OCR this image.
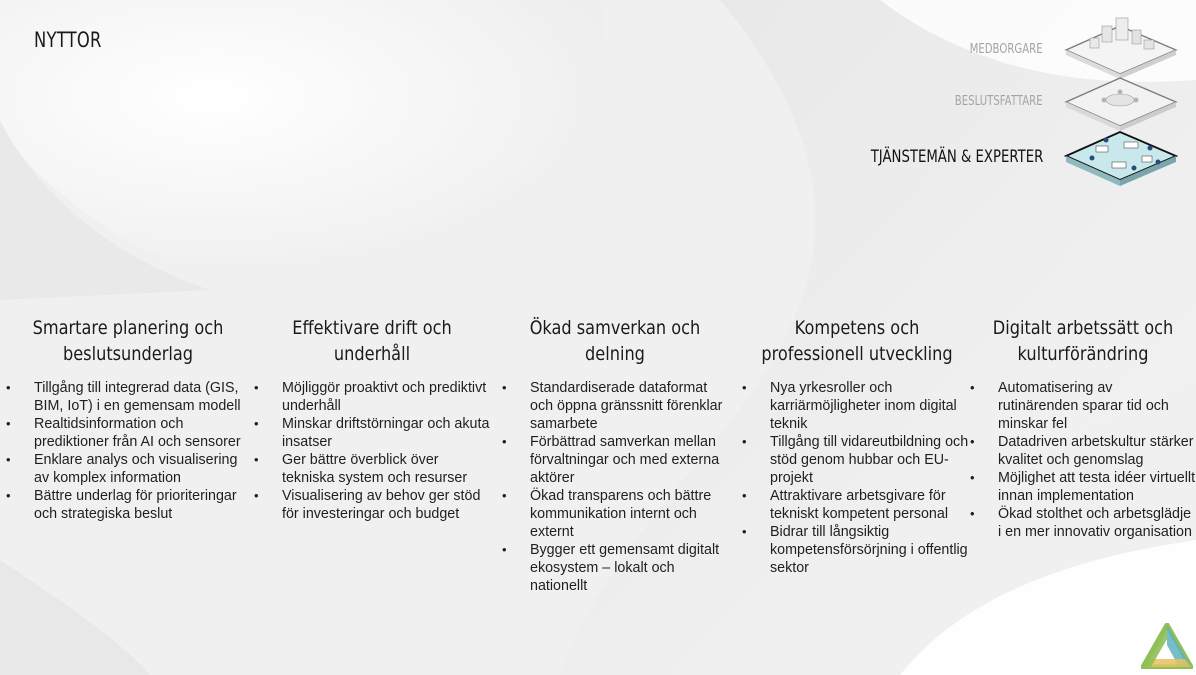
NYTTOR	MEDBORGARE
BESLUTSFATTARE
TJÄNSTEMÄN & EXPERTER
Smartare planering och beslutsunderlag
• Tillgång till integrerad data (GIS, BIM, IoT) i en gemensam modell
• Realtidsinformation och prediktioner från AI och sensorer
• Enklare analys och visualisering av komplex information
• Bättre underlag för prioriteringar och strategiska beslut
Effektivare drift och underhåll
• Möjliggör proaktivt och prediktivt underhåll
• Minskar driftstörningar och akuta insatser
• Ger bättre överblick över tekniska system och resurser
• Visualisering av behov ger stöd för investeringar och budget
Ökad samverkan och delning
• Standardiserade dataformat och öppna gränssnitt förenklar samarbete
• Förbättrad samverkan mellan förvaltningar och med externa aktörer
• Ökad transparens och bättre kommunikation internt och externt
• Bygger ett gemensamt digitalt ekosystem – lokalt och nationellt
Kompetens och professionell utveckling
• Nya yrkesroller och karriärmöjligheter inom digital teknik
• Tillgång till vidareutbildning och stöd genom hubbar och EU-projekt
• Attraktivare arbetsgivare för tekniskt kompetent personal
• Bidrar till långsiktig kompetensförsörjning i offentlig sektor
Digitalt arbetssätt och kulturförändring
• Automatisering av rutinärenden sparar tid och minskar fel
• Datadriven arbetskultur stärker kvalitet och genomslag
• Möjlighet att testa idéer virtuellt innan implementation
• Ökad stolthet och arbetsglädje i en mer innovativ organisation
